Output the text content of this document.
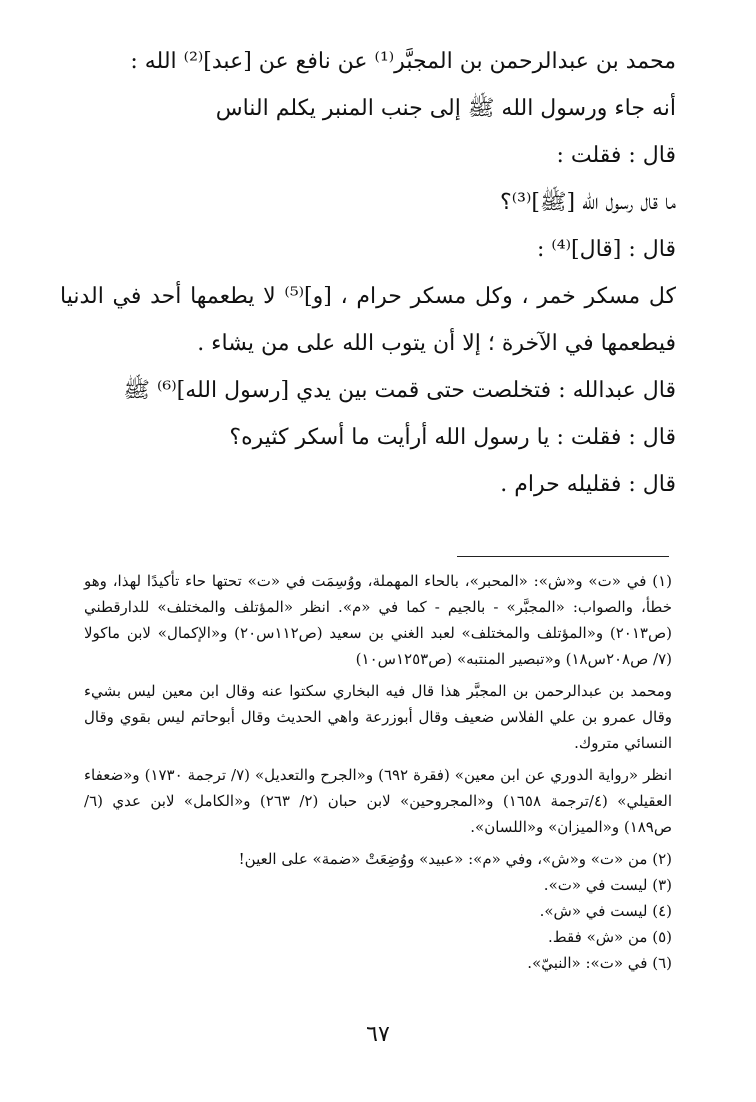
محمد بن عبدالرحمن بن المجبَّر⁽¹⁾ عن نافع عن [عبد]⁽²⁾ الله :

أنه جاء ورسول الله ﷺ إلى جنب المنبر يكلم الناس

قال : فقلت :

ما قال رسول الله [ﷺ]⁽³⁾؟

قال : [قال]⁽⁴⁾ :

كل مسكر خمر ، وكل مسكر حرام ، [و]⁽⁵⁾ لا يطعمها أحد في الدنيا فيطعمها في الآخرة ؛ إلا أن يتوب الله على من يشاء .

قال عبدالله : فتخلصت حتى قمت بين يدي [رسول الله]⁽⁶⁾ ﷺ

قال : فقلت : يا رسول الله أرأيت ما أسكر كثيره؟

قال : فقليله حرام .

(١) في «ت» و«ش»: «المحبر»، بالحاء المهملة، ووُسِمَت في «ت» تحتها حاء تأكيدًا لهذا، وهو خطأ، والصواب: «المجبَّر» - بالجيم - كما في «م». انظر «المؤتلف والمختلف» للدارقطني (ص٢٠١٣) و«المؤتلف والمختلف» لعبد الغني بن سعيد (ص١١٢س٢٠) و«الإكمال» لابن ماكولا (٧/ ص٢٠٨س١٨) و«تبصير المنتبه» (ص١٢٥٣س١٠)

ومحمد بن عبدالرحمن بن المجبَّر هذا قال فيه البخاري سكتوا عنه وقال ابن معين ليس بشيء وقال عمرو بن علي الفلاس ضعيف وقال أبوزرعة واهي الحديث وقال أبوحاتم ليس بقوي وقال النسائي متروك.

انظر «رواية الدوري عن ابن معين» (فقرة ٦٩٢) و«الجرح والتعديل» (٧/ ترجمة ١٧٣٠) و«ضعفاء العقيلي» (٤/ترجمة ١٦٥٨) و«المجروحين» لابن حبان (٢/ ٢٦٣) و«الكامل» لابن عدي (٦/ ص١٨٩) و«الميزان» و«اللسان».

(٢) من «ت» و«ش»، وفي «م»: «عبيد» ووُضِعَتْ «ضمة» على العين!

(٣) ليست في «ت».

(٤) ليست في «ش».

(٥) من «ش» فقط.

(٦) في «ت»: «النبيّ».

٦٧
